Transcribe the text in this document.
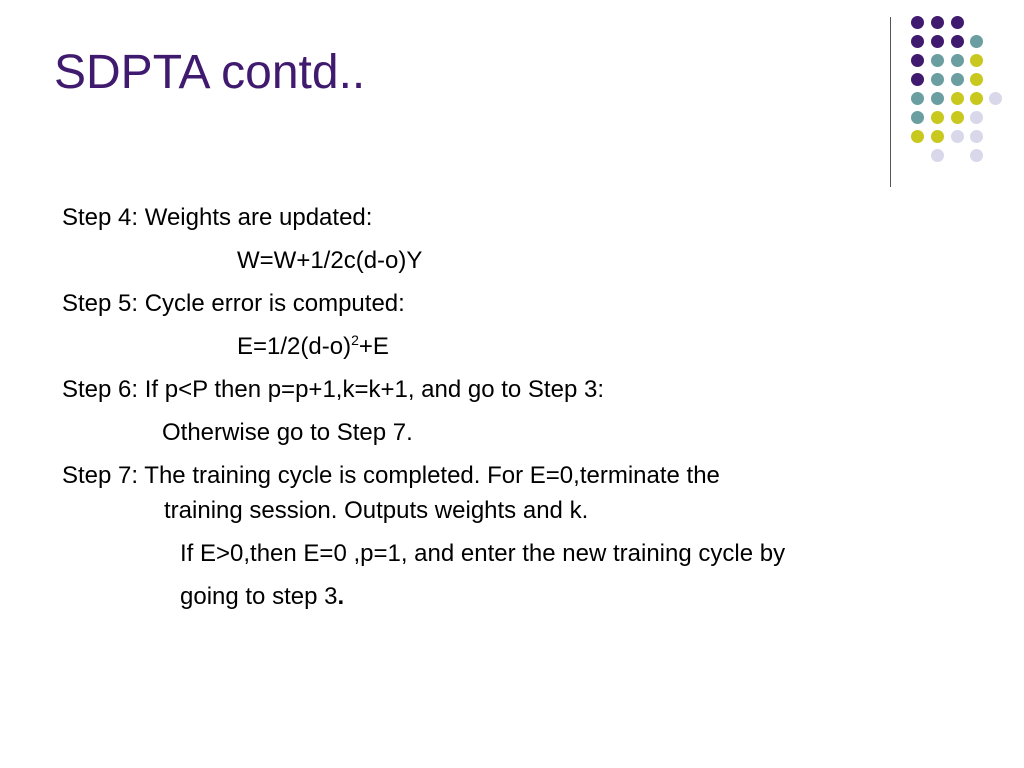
SDPTA contd..
Step 4: Weights are updated:
W=W+1/2c(d-o)Y
Step 5: Cycle error is computed:
$E=1/2(d-o)^2+E$
Step 6: If p<P then p=p+1,k=k+1, and go to Step 3:
Otherwise go to Step 7.
Step 7: The training cycle is completed. For E=0,terminate the
training session. Outputs weights and k.
If E>0,then E=0 ,p=1, and enter the new training cycle by
going to step 3.
